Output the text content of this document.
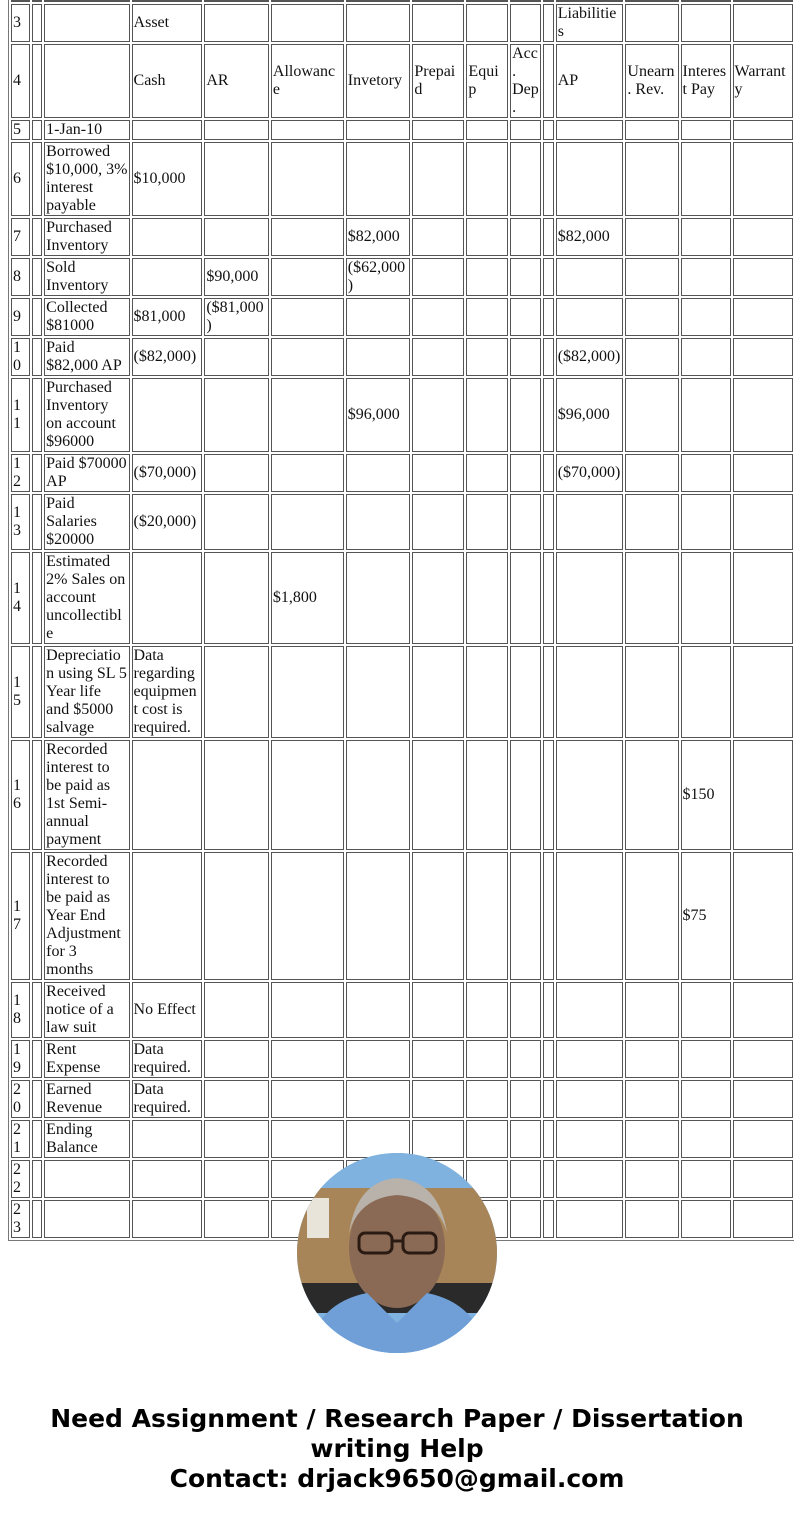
3			Asset								Liabilities			
4			Cash	AR	Allowance	Invetory	Prepaid	Equip	Acc. Dep.		AP	Unearn. Rev.	Interest Pay	Warranty
5		1-Jan-10												
6		Borrowed $10,000, 3% interest payable	$10,000											
7		Purchased Inventory				$82,000					$82,000			
8		Sold Inventory		$90,000		($62,000)								
9		Collected $81000	$81,000	($81,000)										
10		Paid $82,000 AP	($82,000)								($82,000)			
11		Purchased Inventory on account $96000				$96,000					$96,000			
12		Paid $70000 AP	($70,000)								($70,000)			
13		Paid Salaries $20000	($20,000)											
14		Estimated 2% Sales on account uncollectible			$1,800									
15		Depreciation using SL 5 Year life and $5000 salvage	Data regarding equipment cost is required.											
16		Recorded interest to be paid as 1st Semi-annual payment											$150	
17		Recorded interest to be paid as Year End Adjustment for 3 months											$75	
18		Received notice of a law suit	No Effect											
19		Rent Expense	Data required.											
20		Earned Revenue	Data required.											
21		Ending Balance												
22														
23														
Need Assignment / Research Paper / Dissertation
writing Help
Contact: drjack9650@gmail.com
